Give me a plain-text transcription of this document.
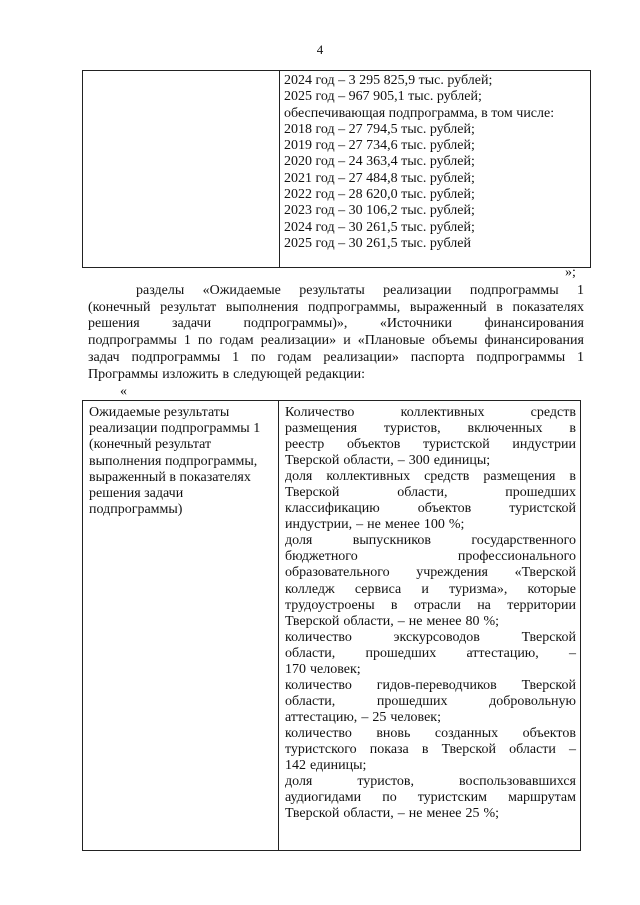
4

2024 год – 3 295 825,9 тыс. рублей;
2025 год – 967 905,1 тыс. рублей;
обеспечивающая подпрограмма, в том числе:
2018 год – 27 794,5 тыс. рублей;
2019 год – 27 734,6 тыс. рублей;
2020 год – 24 363,4 тыс. рублей;
2021 год – 27 484,8 тыс. рублей;
2022 год – 28 620,0 тыс. рублей;
2023 год – 30 106,2 тыс. рублей;
2024 год – 30 261,5 тыс. рублей;
2025 год – 30 261,5 тыс. рублей
»;
разделы «Ожидаемые результаты реализации подпрограммы 1
(конечный результат выполнения подпрограммы, выраженный в показателях
решения задачи подпрограммы)», «Источники финансирования
подпрограммы 1 по годам реализации» и «Плановые объемы финансирования
задач подпрограммы 1 по годам реализации» паспорта подпрограммы 1
Программы изложить в следующей редакции:
«
Ожидаемые результаты
реализации подпрограммы 1
(конечный результат
выполнения подпрограммы,
выраженный в показателях
решения задачи
подпрограммы)

Количество	коллективных	средств
размещения туристов, включенных в
реестр объектов туристской индустрии
Тверской области, – 300 единицы;
доля коллективных средств размещения в
Тверской	области,	прошедших
классификацию	объектов	туристской
индустрии, – не менее 100 %;
доля	выпускников	государственного
бюджетного	профессионального
образовательного учреждения «Тверской
колледж сервиса и туризма», которые
трудоустроены в отрасли на территории
Тверской области, – не менее 80 %;
количество	экскурсоводов	Тверской
области, прошедших аттестацию, –
170 человек;
количество гидов-переводчиков Тверской
области,	прошедших	добровольную
аттестацию, – 25 человек;
количество вновь созданных объектов
туристского показа в Тверской области –
142 единицы;
доля	туристов,	воспользовавшихся
аудиогидами по туристским маршрутам
Тверской области, – не менее 25 %;
